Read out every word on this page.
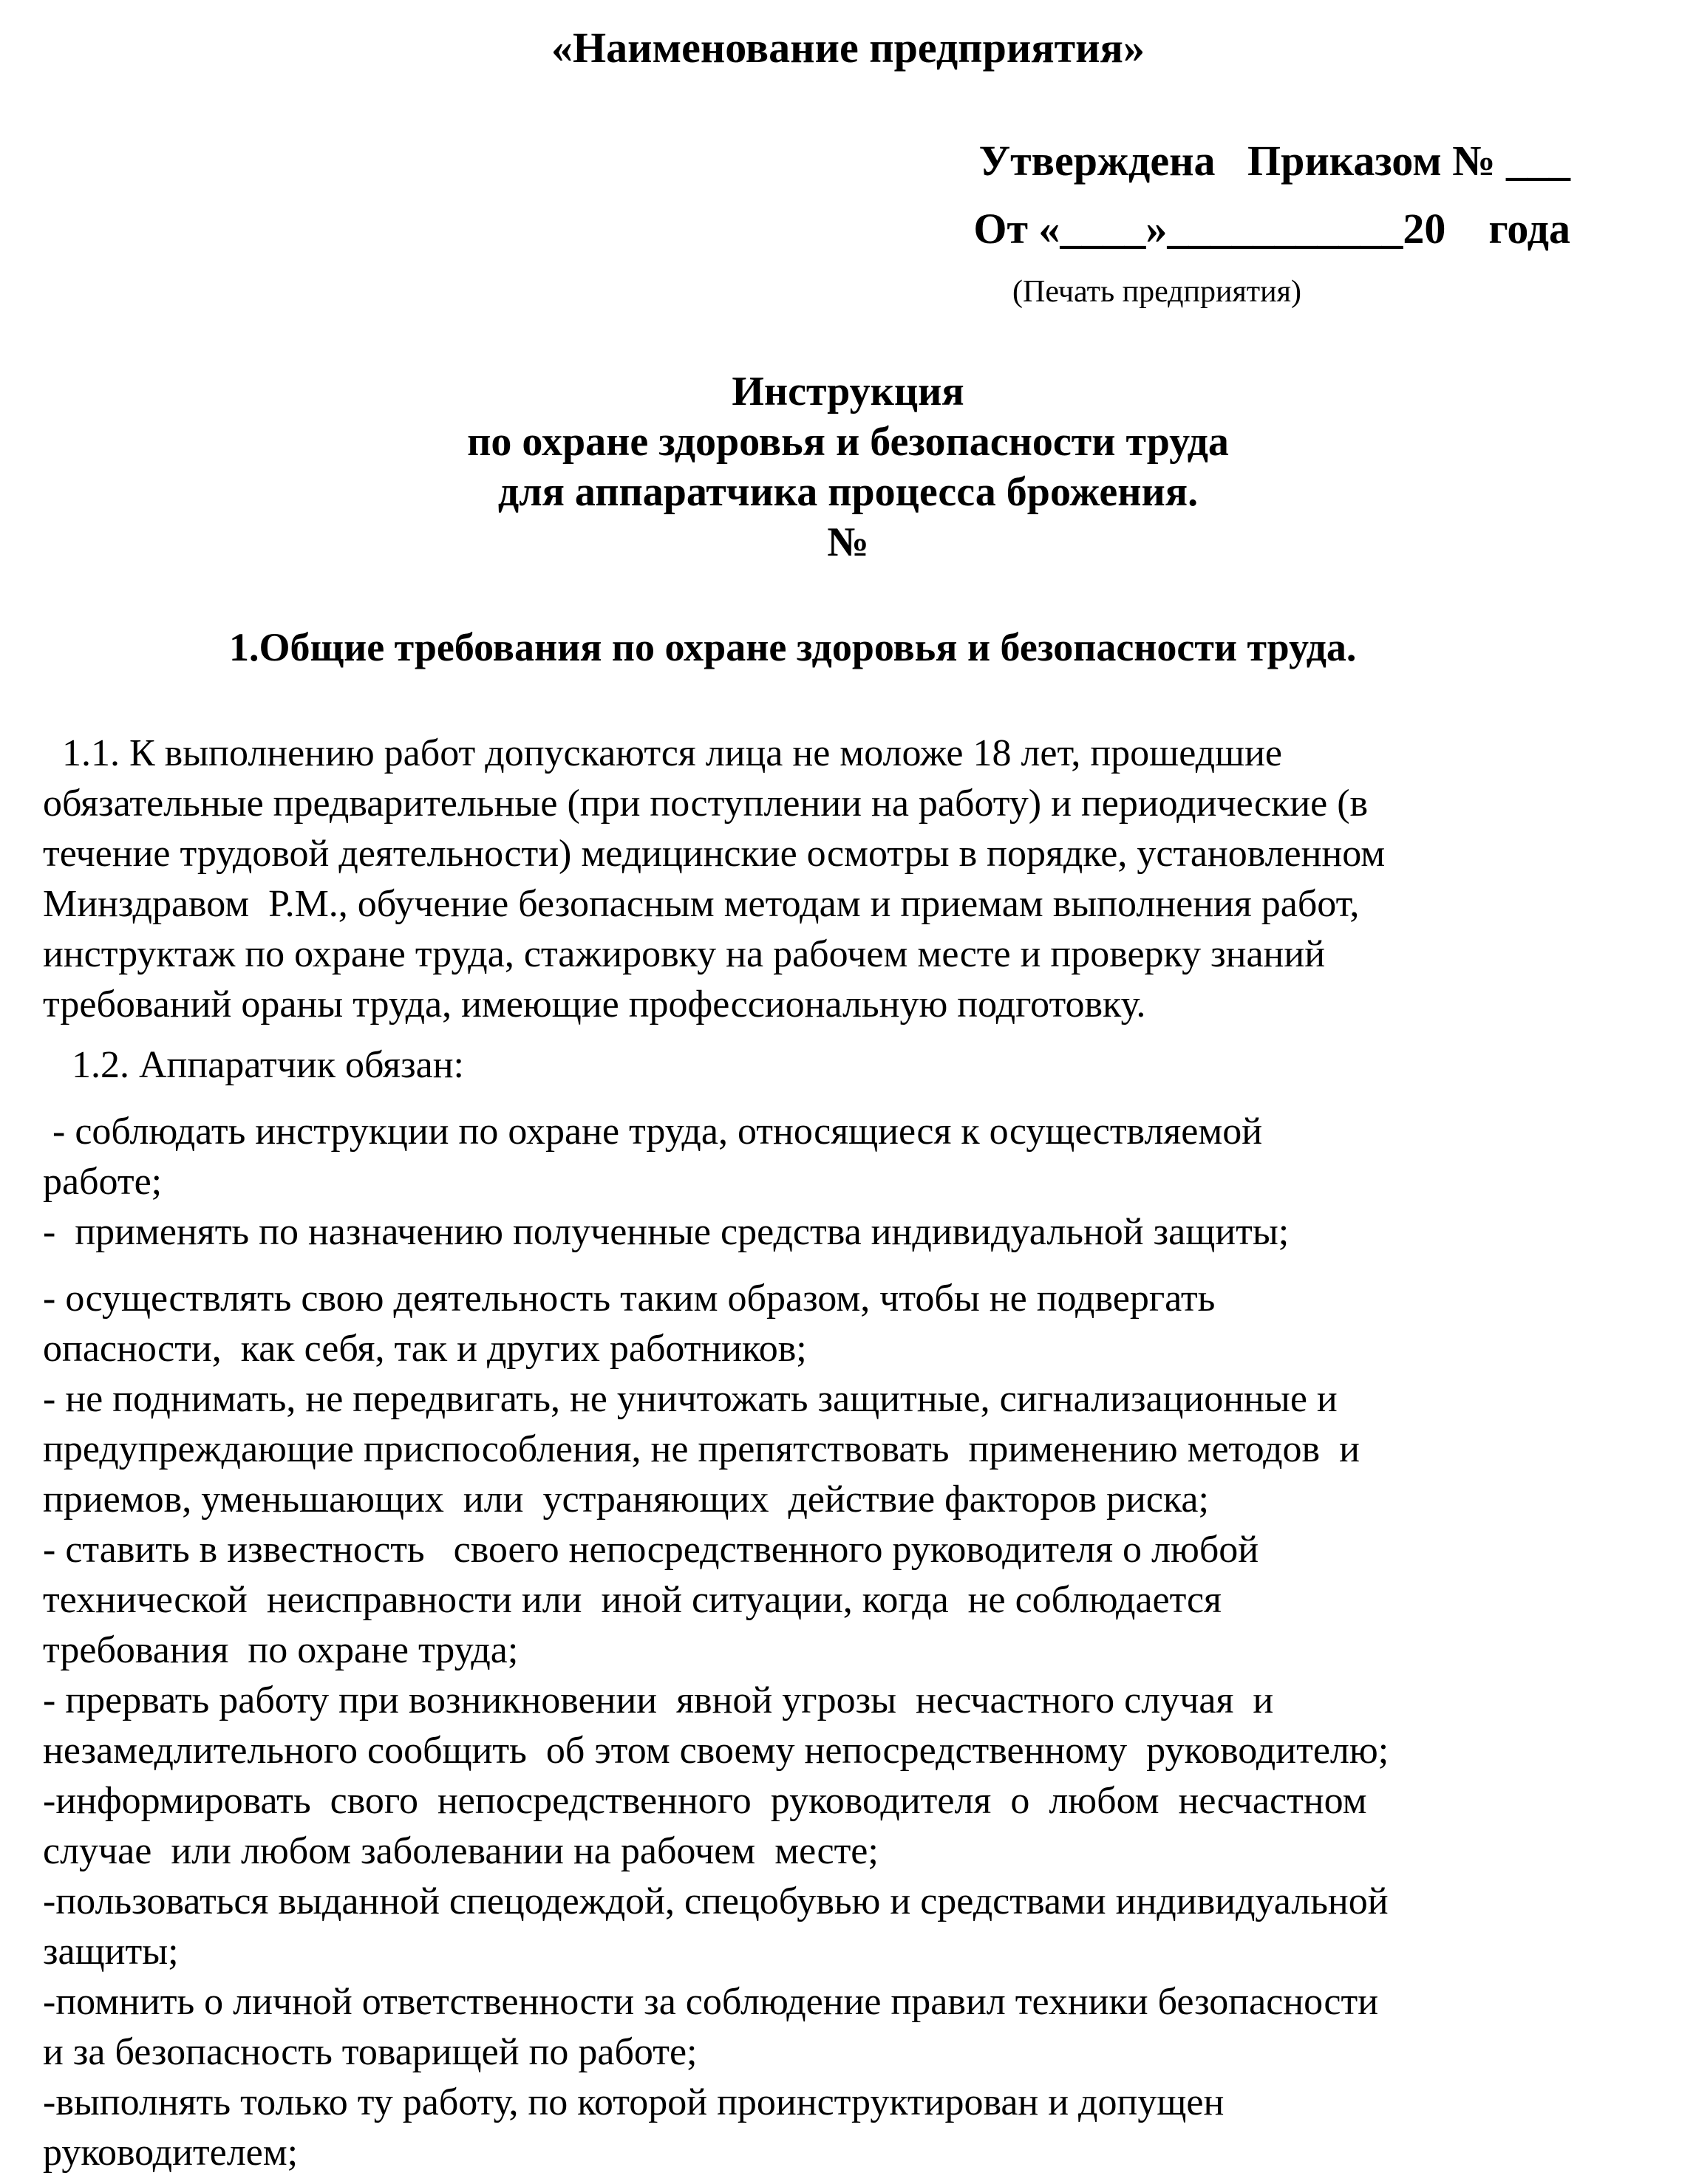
«Наименование предприятия»
Утверждена   Приказом № ___
От «____»___________20    года
(Печать предприятия)
Инструкция
по охране здоровья и безопасности труда
для аппаратчика процесса брожения.
№
1.Общие требования по охране здоровья и безопасности труда.

1.1. К выполнению работ допускаются лица не моложе 18 лет, прошедшие

обязательные предварительные (при поступлении на работу) и периодические (в

течение трудовой деятельности) медицинские осмотры в порядке, установленном

Минздравом  Р.М., обучение безопасным методам и приемам выполнения работ,

инструктаж по охране труда, стажировку на рабочем месте и проверку знаний

требований ораны труда, имеющие профессиональную подготовку.

1.2. Аппаратчик обязан:

- соблюдать инструкции по охране труда, относящиеся к осуществляемой

работе;

-  применять по назначению полученные средства индивидуальной защиты;

- осуществлять свою деятельность таким образом, чтобы не подвергать

опасности,  как себя, так и других работников;

- не поднимать, не передвигать, не уничтожать защитные, сигнализационные и

предупреждающие приспособления, не препятствовать  применению методов  и

приемов, уменьшающих  или  устраняющих  действие факторов риска;

- ставить в известность   своего непосредственного руководителя о любой

технической  неисправности или  иной ситуации, когда  не соблюдается

требования  по охране труда;

- прервать работу при возникновении  явной угрозы  несчастного случая  и

незамедлительного сообщить  об этом своему непосредственному  руководителю;

-информировать  свого  непосредственного  руководителя  о  любом  несчастном

случае  или любом заболевании на рабочем  месте;

-пользоваться выданной спецодеждой, спецобувью и средствами индивидуальной

защиты;

-помнить о личной ответственности за соблюдение правил техники безопасности

и за безопасность товарищей по работе;

-выполнять только ту работу, по которой проинструктирован и допущен

руководителем;
